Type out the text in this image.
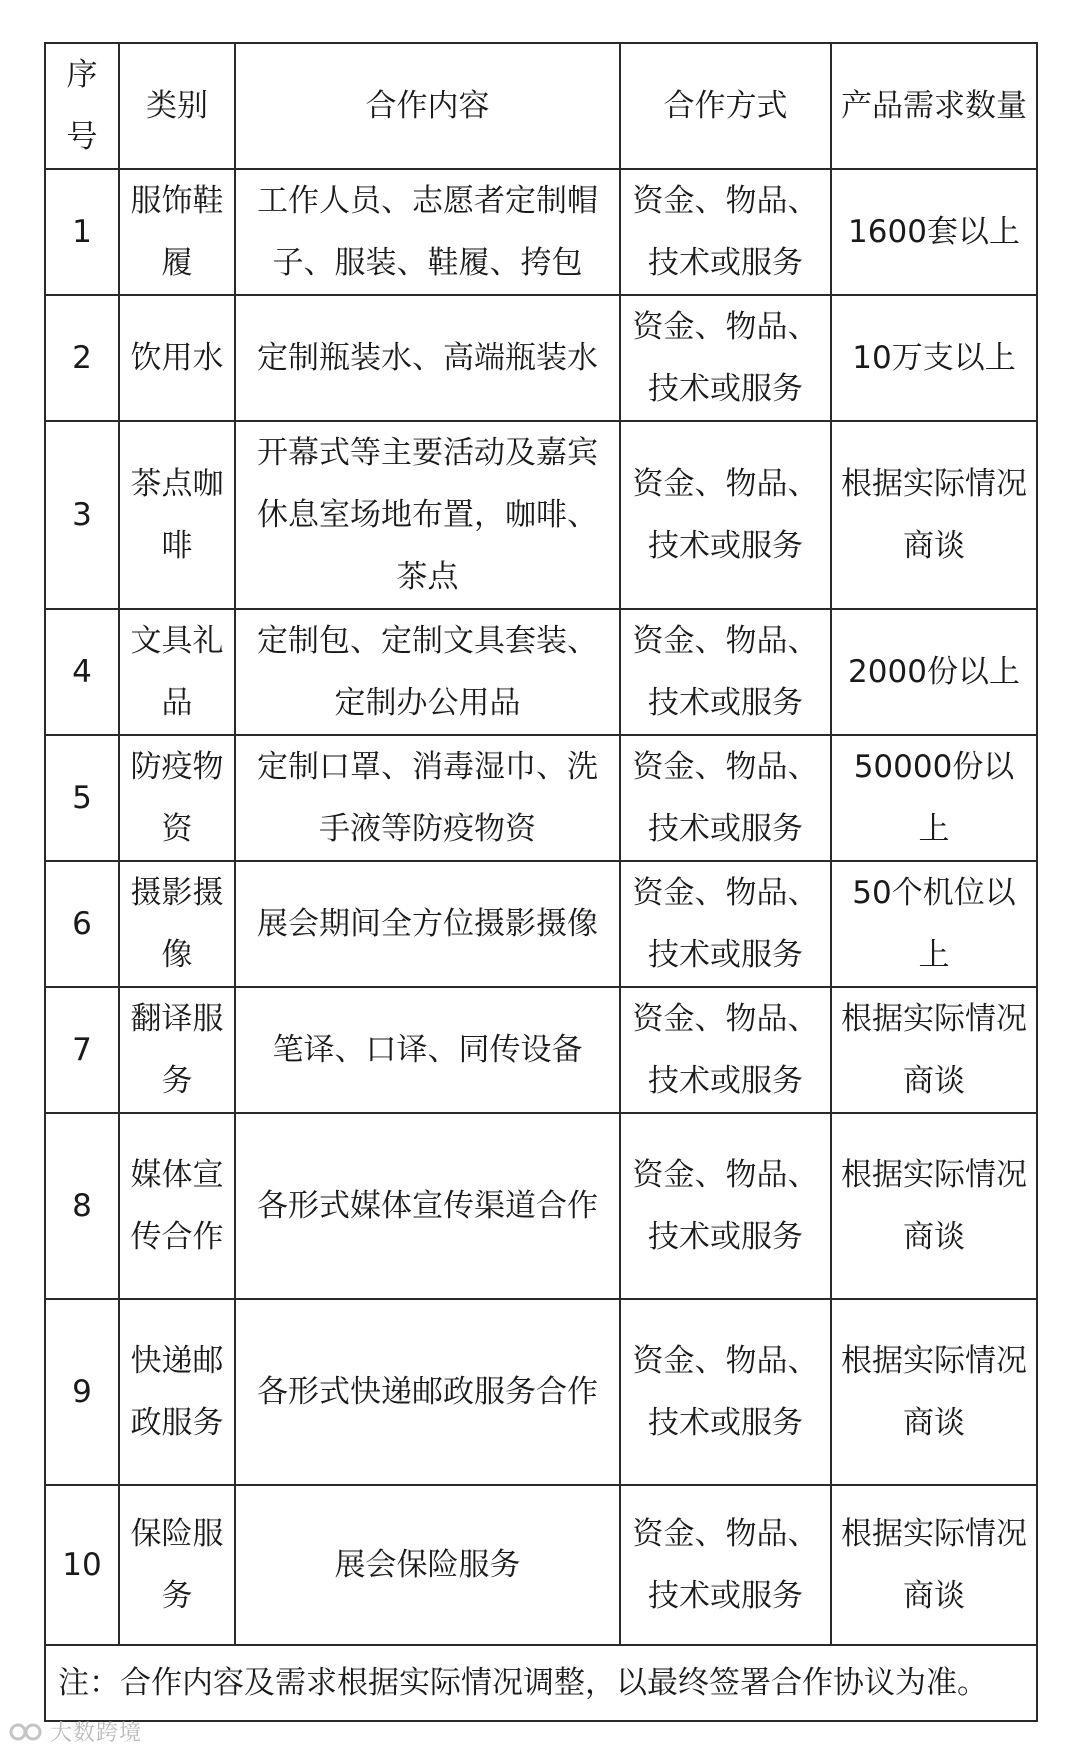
序号	类别	合作内容	合作方式	产品需求数量
1	服饰鞋履	工作人员、志愿者定制帽子、服装、鞋履、挎包	资金、物品、技术或服务	1600套以上
2	饮用水	定制瓶装水、高端瓶装水	资金、物品、技术或服务	10万支以上
3	茶点咖啡	开幕式等主要活动及嘉宾休息室场地布置，咖啡、茶点	资金、物品、技术或服务	根据实际情况商谈
4	文具礼品	定制包、定制文具套装、定制办公用品	资金、物品、技术或服务	2000份以上
5	防疫物资	定制口罩、消毒湿巾、洗手液等防疫物资	资金、物品、技术或服务	50000份以上
6	摄影摄像	展会期间全方位摄影摄像	资金、物品、技术或服务	50个机位以上
7	翻译服务	笔译、口译、同传设备	资金、物品、技术或服务	根据实际情况商谈
8	媒体宣传合作	各形式媒体宣传渠道合作	资金、物品、技术或服务	根据实际情况商谈
9	快递邮政服务	各形式快递邮政服务合作	资金、物品、技术或服务	根据实际情况商谈
10	保险服务	展会保险服务	资金、物品、技术或服务	根据实际情况商谈
注：合作内容及需求根据实际情况调整，以最终签署合作协议为准。				
大数跨境
